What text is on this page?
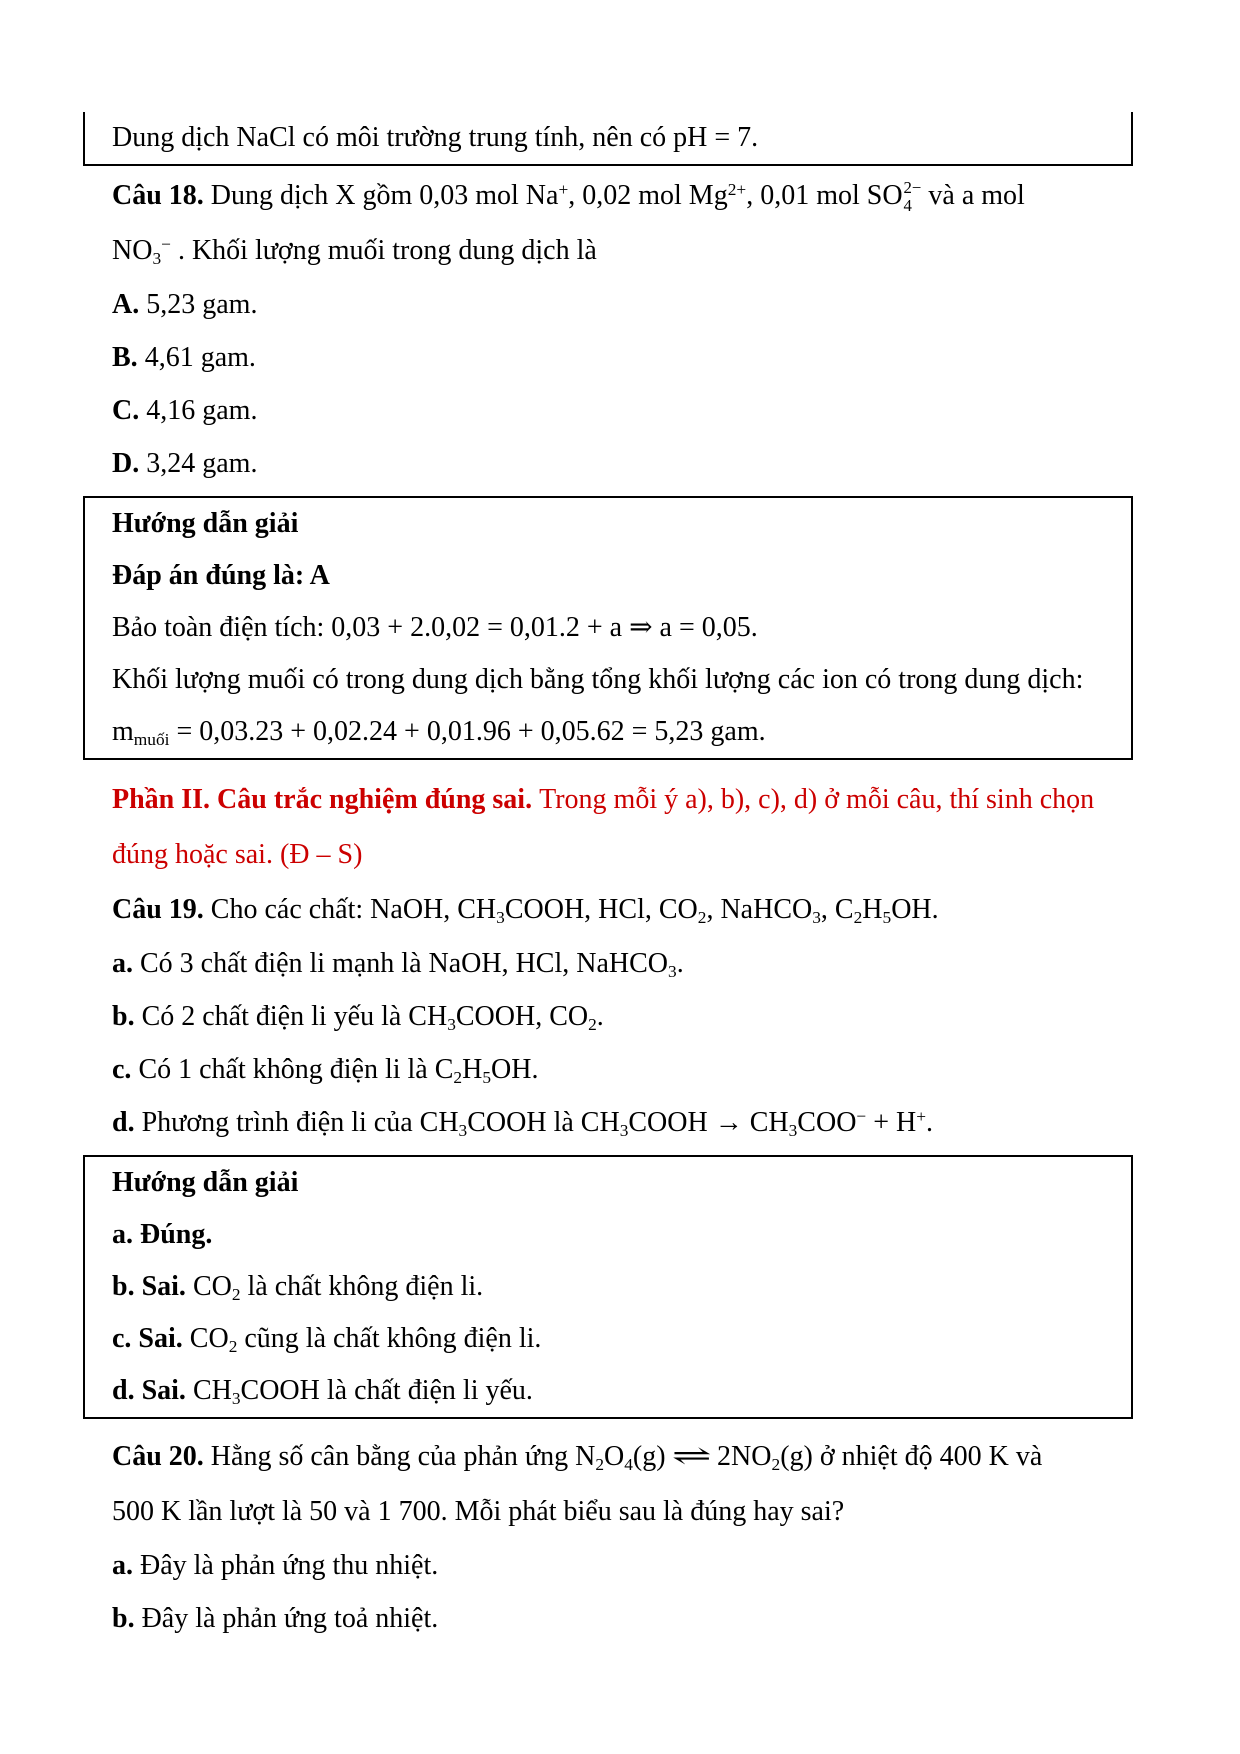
Dung dịch NaCl có môi trường trung tính, nên có pH = 7.

Câu 18. Dung dịch X gồm 0,03 mol Na+, 0,02 mol $Mg^{2+}$, 0,01 mol SO 2−
4 và a mol
NO3− . Khối lượng muối trong dung dịch là

A. 5,23 gam.

B. 4,61 gam.

C. 4,16 gam.

D. 3,24 gam.

Hướng dẫn giải

Đáp án đúng là: A

Bảo toàn điện tích: 0,03 + 2.0,02 = 0,01.2 + a ⇒ a = 0,05.

Khối lượng muối có trong dung dịch bằng tổng khối lượng các ion có trong dung dịch:

mmuối = 0,03.23 + 0,02.24 + 0,01.96 + 0,05.62 = 5,23 gam.

Phần II. Câu trắc nghiệm đúng sai. Trong mỗi ý a), b), c), d) ở mỗi câu, thí sinh chọn
đúng hoặc sai. (Đ – S)

Câu 19. Cho các chất: NaOH, CH3COOH, HCl, CO2, NaHCO3, C2H5OH.

a. Có 3 chất điện li mạnh là NaOH, HCl, NaHCO3.

b. Có 2 chất điện li yếu là CH3COOH, CO2.

c. Có 1 chất không điện li là C2H5OH.

d. Phương trình điện li của CH3COOH là CH3COOH → CH3COO− + H+.

Hướng dẫn giải

a. Đúng.

b. Sai. CO2 là chất không điện li.

c. Sai. CO2 cũng là chất không điện li.

d. Sai. CH3COOH là chất điện li yếu.

Câu 20. Hằng số cân bằng của phản ứng N2O4(g) ⇌ 2NO2(g) ở nhiệt độ 400 K và
500 K lần lượt là 50 và 1 700. Mỗi phát biểu sau là đúng hay sai?

a. Đây là phản ứng thu nhiệt.

b. Đây là phản ứng toả nhiệt.
